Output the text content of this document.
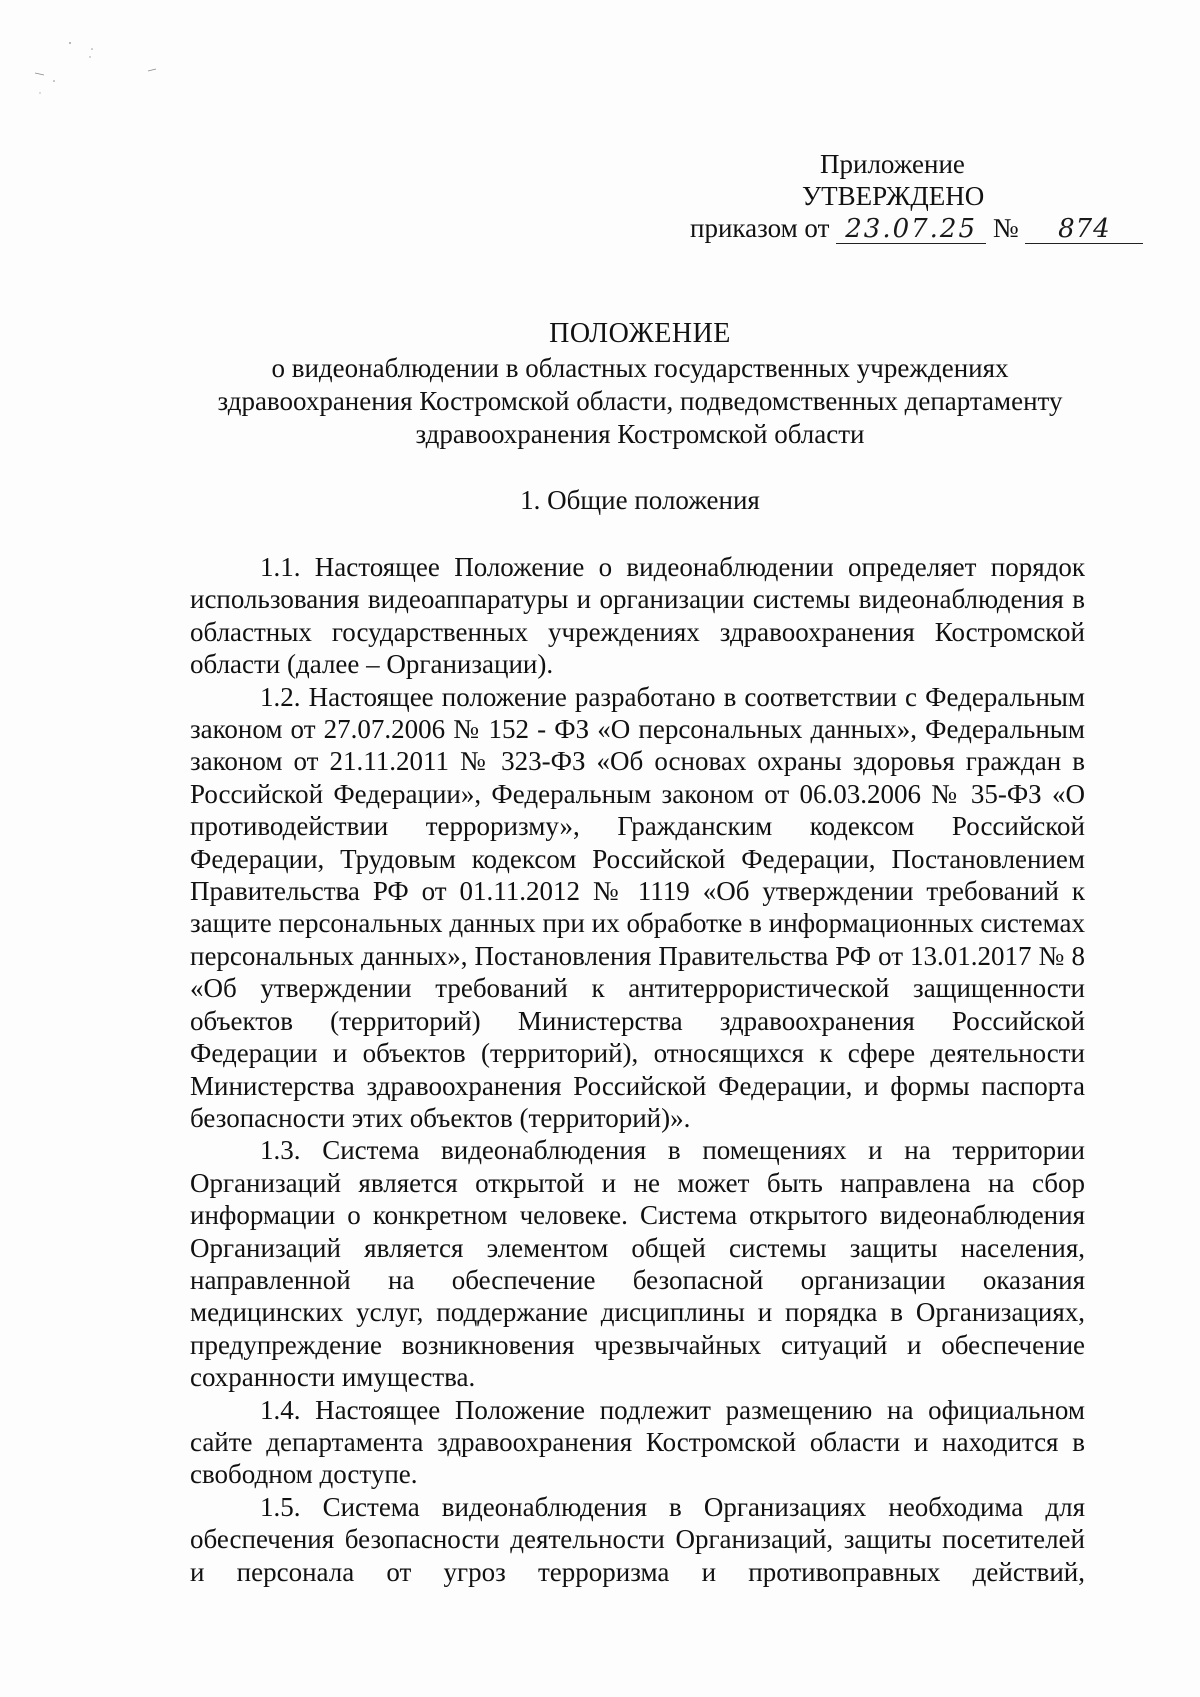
Приложение
УТВЕРЖДЕНО
приказом от 23.07.25 № 874
ПОЛОЖЕНИЕ

о видеонаблюдении в областных государственных учреждениях здравоохранения Костромской области, подведомственных департаменту здравоохранения Костромской области

1. Общие положения

1.1. Настоящее Положение о видеонаблюдении определяет порядок использования видеоаппаратуры и организации системы видеонаблюдения в областных государственных учреждениях здравоохранения Костромской области (далее – Организации).

1.2. Настоящее положение разработано в соответствии с Федеральным законом от 27.07.2006 № 152 - ФЗ «О персональных данных», Федеральным законом от 21.11.2011 № 323-ФЗ «Об основах охраны здоровья граждан в Российской Федерации», Федеральным законом от 06.03.2006 № 35-ФЗ «О противодействии терроризму», Гражданским кодексом Российской Федерации, Трудовым кодексом Российской Федерации, Постановлением Правительства РФ от 01.11.2012 № 1119 «Об утверждении требований к защите персональных данных при их обработке в информационных системах персональных данных», Постановления Правительства РФ от 13.01.2017 № 8 «Об утверждении требований к антитеррористической защищенности объектов (территорий) Министерства здравоохранения Российской Федерации и объектов (территорий), относящихся к сфере деятельности Министерства здравоохранения Российской Федерации, и формы паспорта безопасности этих объектов (территорий)».

1.3. Система видеонаблюдения в помещениях и на территории Организаций является открытой и не может быть направлена на сбор информации о конкретном человеке. Система открытого видеонаблюдения Организаций является элементом общей системы защиты населения, направленной на обеспечение безопасной организации оказания медицинских услуг, поддержание дисциплины и порядка в Организациях, предупреждение возникновения чрезвычайных ситуаций и обеспечение сохранности имущества.

1.4. Настоящее Положение подлежит размещению на официальном сайте департамента здравоохранения Костромской области и находится в свободном доступе.

1.5. Система видеонаблюдения в Организациях необходима для обеспечения безопасности деятельности Организаций, защиты посетителей и персонала от угроз терроризма и противоправных действий,
